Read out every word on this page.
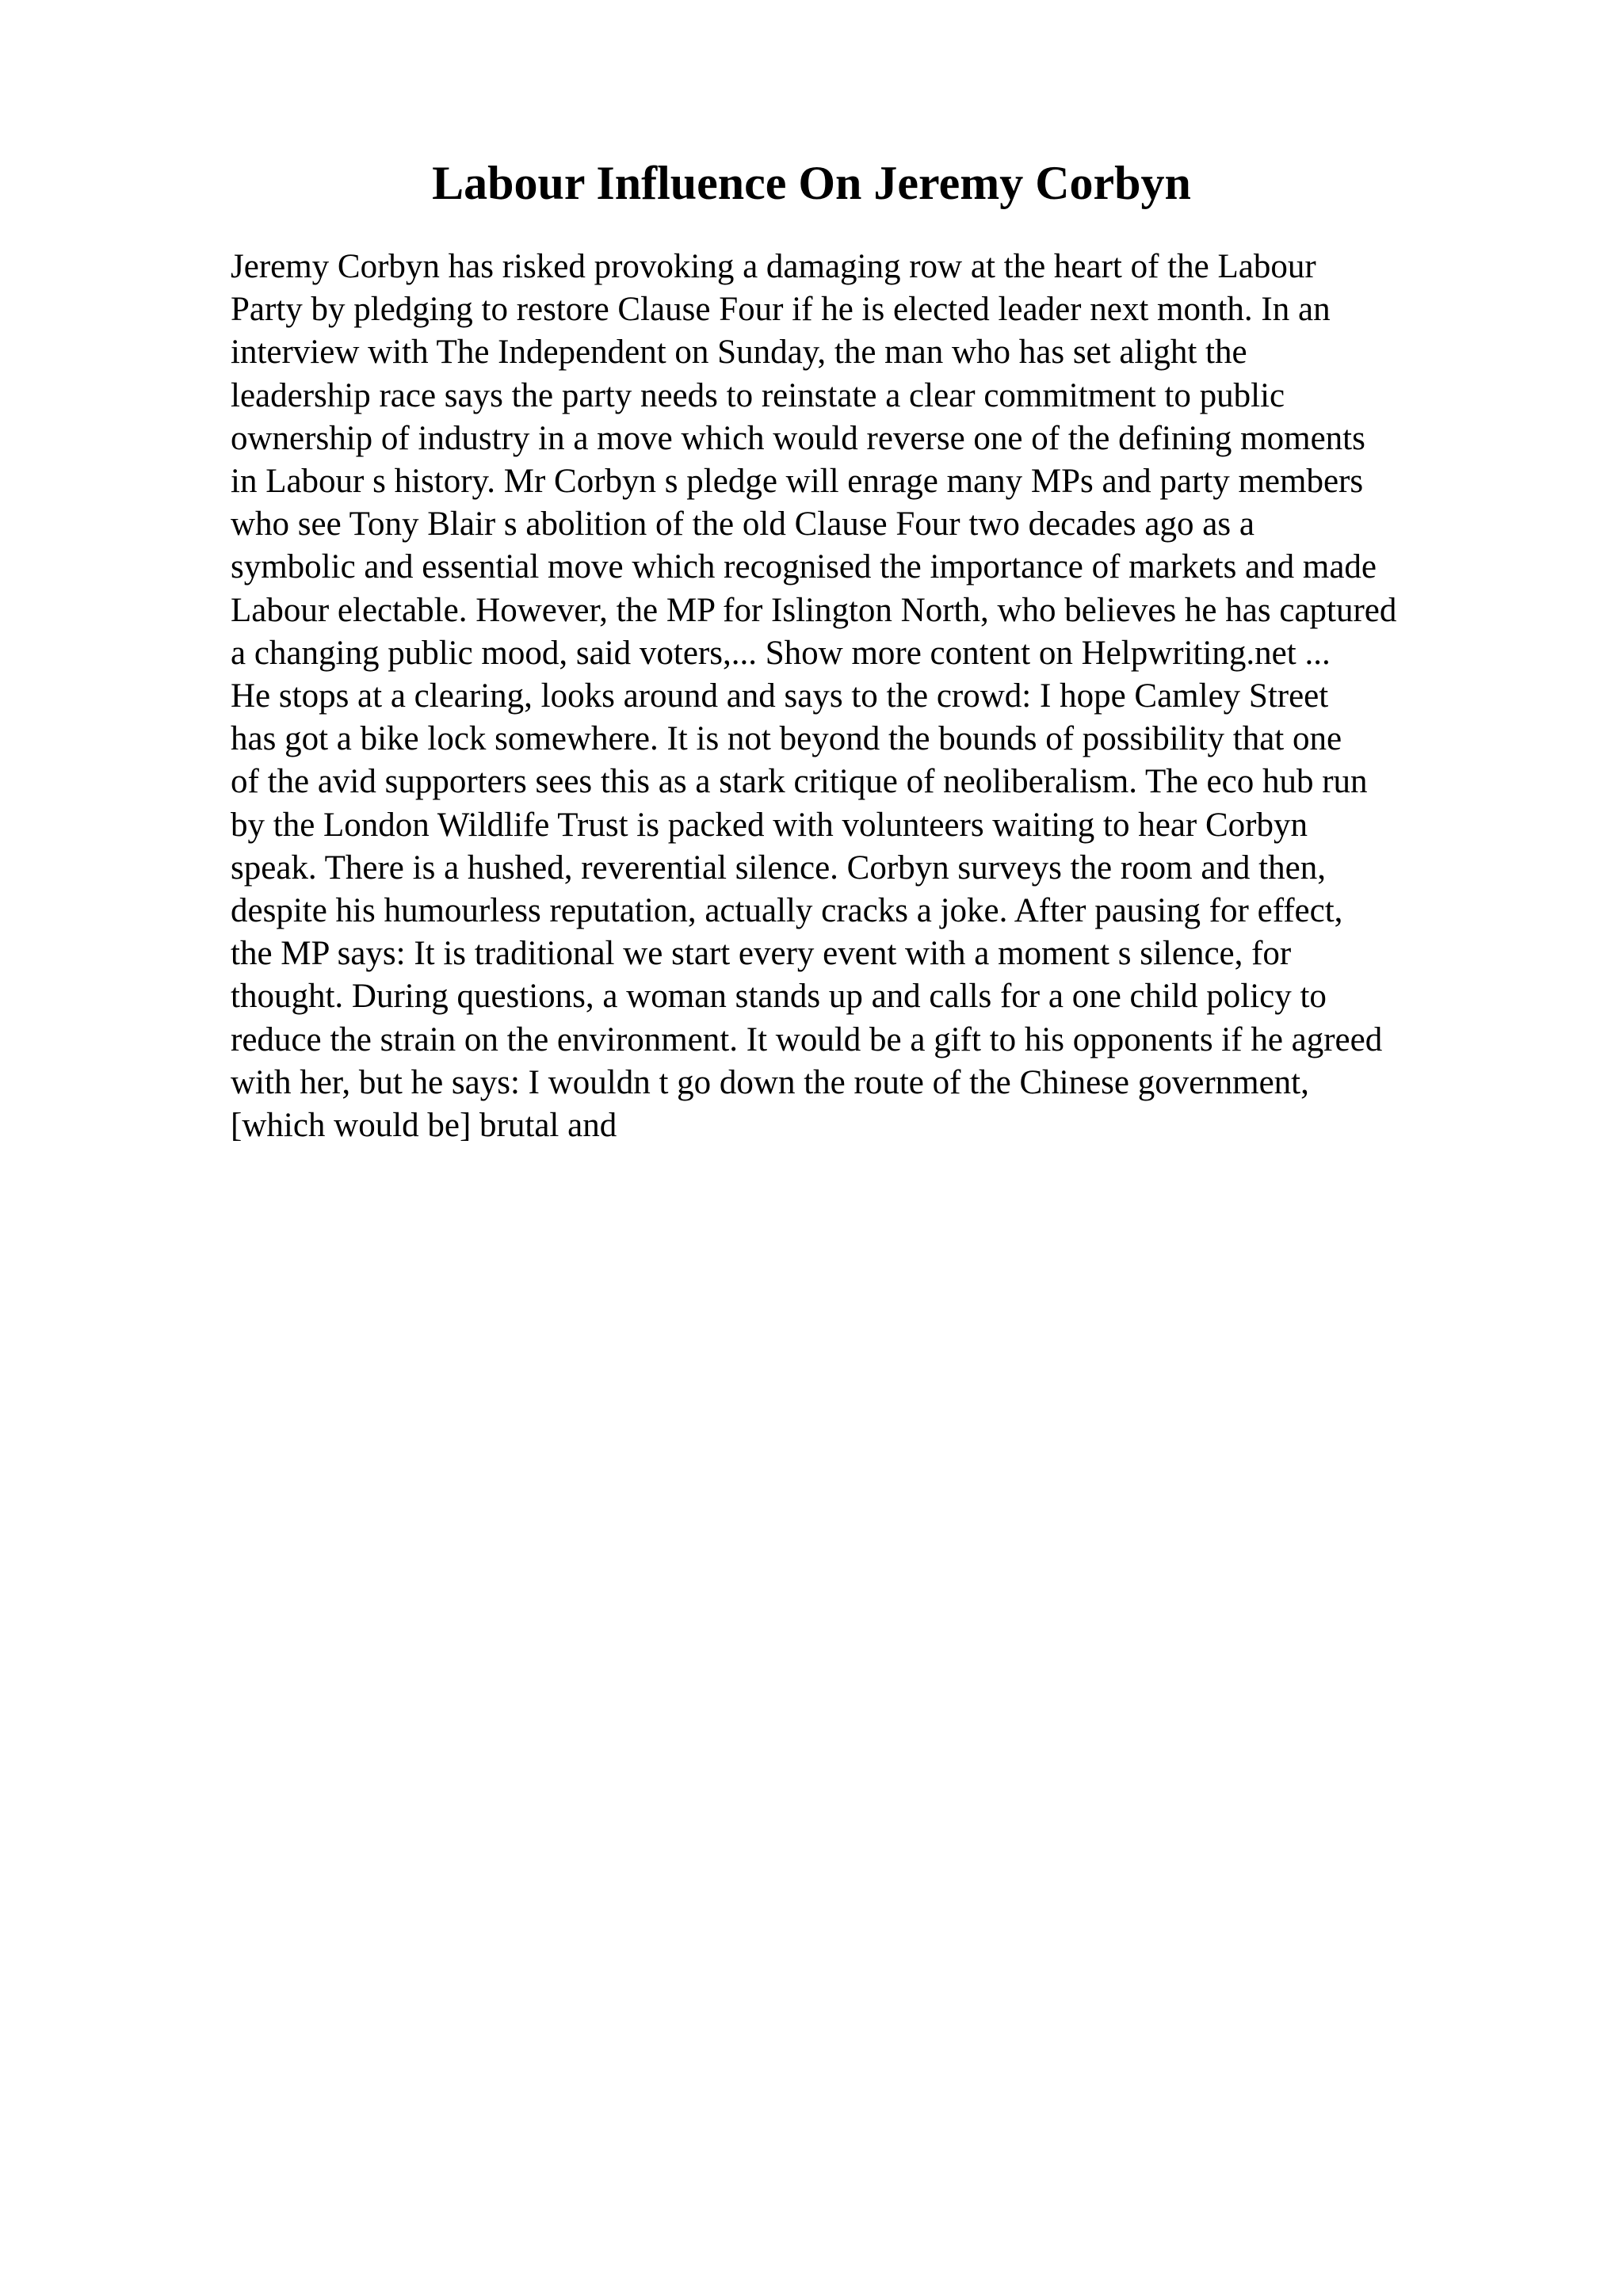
Labour Influence On Jeremy Corbyn
Jeremy Corbyn has risked provoking a damaging row at the heart of the Labour
Party by pledging to restore Clause Four if he is elected leader next month. In an
interview with The Independent on Sunday, the man who has set alight the
leadership race says the party needs to reinstate a clear commitment to public
ownership of industry in a move which would reverse one of the defining moments
in Labour s history. Mr Corbyn s pledge will enrage many MPs and party members
who see Tony Blair s abolition of the old Clause Four two decades ago as a
symbolic and essential move which recognised the importance of markets and made
Labour electable. However, the MP for Islington North, who believes he has captured
a changing public mood, said voters,... Show more content on Helpwriting.net ...
He stops at a clearing, looks around and says to the crowd: I hope Camley Street
has got a bike lock somewhere. It is not beyond the bounds of possibility that one
of the avid supporters sees this as a stark critique of neoliberalism. The eco hub run
by the London Wildlife Trust is packed with volunteers waiting to hear Corbyn
speak. There is a hushed, reverential silence. Corbyn surveys the room and then,
despite his humourless reputation, actually cracks a joke. After pausing for effect,
the MP says: It is traditional we start every event with a moment s silence, for
thought. During questions, a woman stands up and calls for a one child policy to
reduce the strain on the environment. It would be a gift to his opponents if he agreed
with her, but he says: I wouldn t go down the route of the Chinese government,
[which would be] brutal and
